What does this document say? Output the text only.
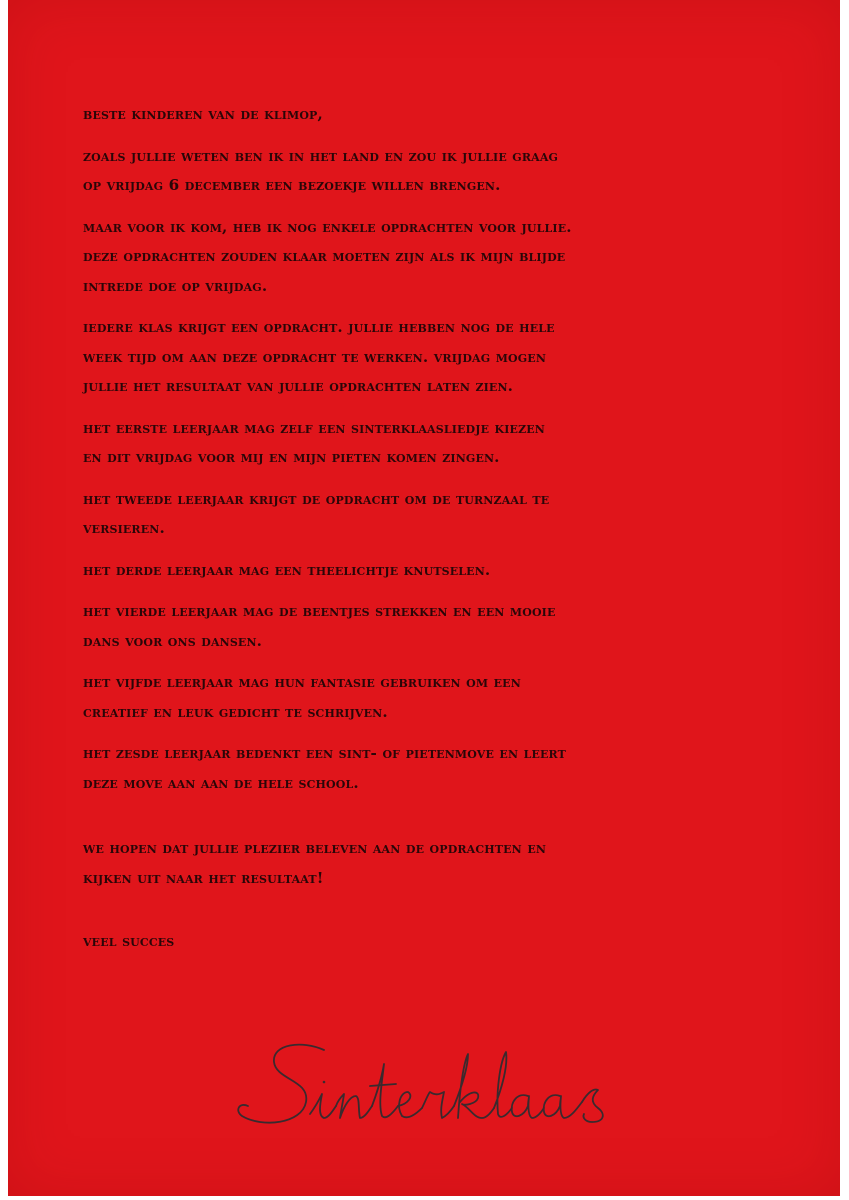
beste kinderen van de klimop,

zoals jullie weten ben ik in het land en zou ik jullie graag
op vrijdag 6 december een bezoekje willen brengen.

maar voor ik kom, heb ik nog enkele opdrachten voor jullie.
deze opdrachten zouden klaar moeten zijn als ik mijn blijde
intrede doe op vrijdag.

iedere klas krijgt een opdracht. jullie hebben nog de hele
week tijd om aan deze opdracht te werken. vrijdag mogen
jullie het resultaat van jullie opdrachten laten zien.

het eerste leerjaar mag zelf een sinterklaasliedje kiezen
en dit vrijdag voor mij en mijn pieten komen zingen.

het tweede leerjaar krijgt de opdracht om de turnzaal te
versieren.

het derde leerjaar mag een theelichtje knutselen.

het vierde leerjaar mag de beentjes strekken en een mooie
dans voor ons dansen.

het vijfde leerjaar mag hun fantasie gebruiken om een
creatief en leuk gedicht te schrijven.

het zesde leerjaar bedenkt een sint- of pietenmove en leert
deze move aan aan de hele school.

we hopen dat jullie plezier beleven aan de opdrachten en
kijken uit naar het resultaat!

veel succes
